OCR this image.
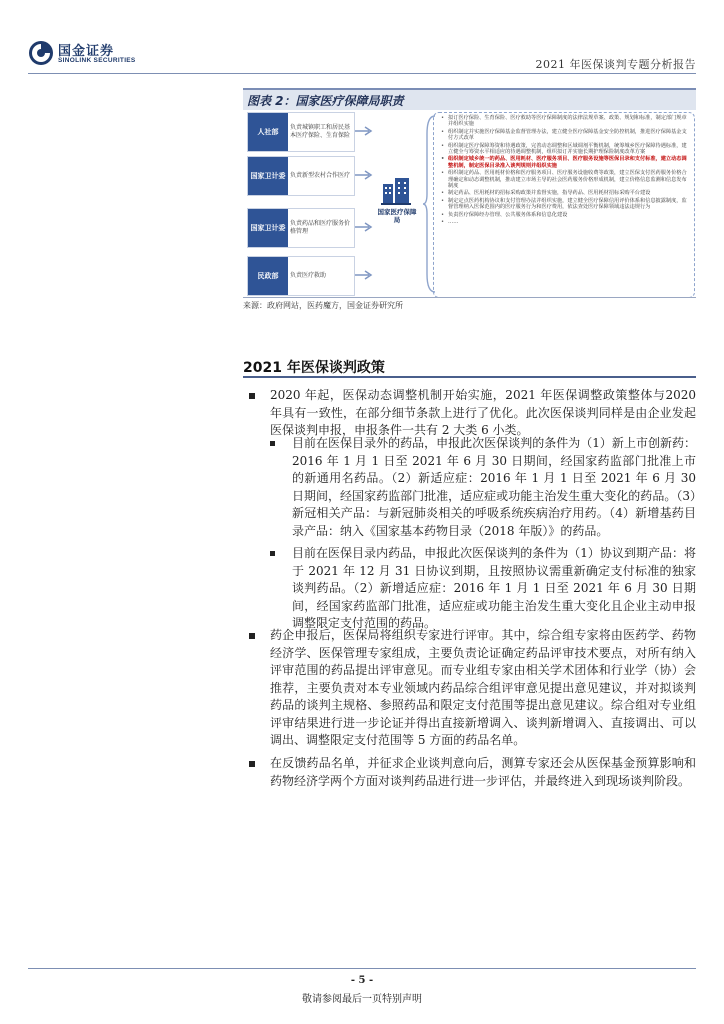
国金证券
SINOLINK SECURITIES	2021 年医保谈判专题分析报告
图表 2：国家医疗保障局职责
人社部
负责城镇职工和居民基本医疗保险、生育保险
国家卫计委 负责新型农村合作医疗
国家卫计委
负责药品和医疗服务价格管理
民政部	负责医疗救助
国家医疗保障局
• 拟订医疗保险、生育保险、医疗救助等医疗保障制度的法律法规草案、政策、规划和标准，制定部门规章并组织实施
• 组织制定并实施医疗保障基金监督管理办法，建立健全医疗保障基金安全防控机制，推进医疗保障基金支付方式改革
• 组织制定医疗保障筹资和待遇政策，完善动态调整和区域调剂平衡机制，统筹城乡医疗保障待遇标准，建立健全与筹资水平相适应的待遇调整机制，组织拟订并实施长期护理保险制度改革方案
• 组织制定城乡统一的药品、医用耗材、医疗服务项目、医疗服务设施等医保目录和支付标准，建立动态调整机制，制定医保目录准入谈判规则并组织实施
• 组织制定药品、医用耗材价格和医疗服务项目、医疗服务设施收费等政策，建立医保支付医药服务价格合理确定和动态调整机制，推动建立市场主导的社会医药服务价格形成机制，建立价格信息监测和信息发布制度
• 制定药品、医用耗材的招标采购政策并监督实施，指导药品、医用耗材招标采购平台建设
• 制定定点医药机构协议和支付管理办法并组织实施，建立健全医疗保障信用评价体系和信息披露制度，监督管理纳入医保范围内的医疗服务行为和医疗费用，依法查处医疗保障领域违法违规行为
• 负责医疗保障经办管理、公共服务体系和信息化建设
• ……
来源：政府网站，医药魔方，国金证券研究所
2021 年医保谈判政策

2020 年起，医保动态调整机制开始实施，2021 年医保调整政策整体与2020 年具有一致性，在部分细节条款上进行了优化。此次医保谈判同样是由企业发起医保谈判申报，申报条件一共有 2 大类 6 小类。

目前在医保目录外的药品，申报此次医保谈判的条件为（1）新上市创新药：2016 年 1 月 1 日至 2021 年 6 月 30 日期间，经国家药监部门批准上市的新通用名药品。（2）新适应症：2016 年 1 月 1 日至 2021 年 6 月 30 日期间，经国家药监部门批准，适应症或功能主治发生重大变化的药品。（3）新冠相关产品：与新冠肺炎相关的呼吸系统疾病治疗用药。（4）新增基药目录产品：纳入《国家基本药物目录（2018 年版）》的药品。

目前在医保目录内药品，申报此次医保谈判的条件为（1）协议到期产品：将于 2021 年 12 月 31 日协议到期，且按照协议需重新确定支付标准的独家谈判药品。（2）新增适应症：2016 年 1 月 1 日至 2021 年 6 月 30 日期间，经国家药监部门批准，适应症或功能主治发生重大变化且企业主动申报调整限定支付范围的药品。

药企申报后，医保局将组织专家进行评审。其中，综合组专家将由医药学、药物经济学、医保管理专家组成，主要负责论证确定药品评审技术要点，对所有纳入评审范围的药品提出评审意见。而专业组专家由相关学术团体和行业学（协）会 推荐，主要负责对本专业领域内药品综合组评审意见提出意见建议，并对拟谈判药品的谈判主规格、参照药品和限定支付范围等提出意见建议。综合组对专业组评审结果进行进一步论证并得出直接新增调入、谈判新增调入、直接调出、可以调出、调整限定支付范围等 5 方面的药品名单。

在反馈药品名单，并征求企业谈判意向后，测算专家还会从医保基金预算影响和药物经济学两个方面对谈判药品进行进一步评估，并最终进入到现场谈判阶段。

- 5 -
敬请参阅最后一页特别声明
